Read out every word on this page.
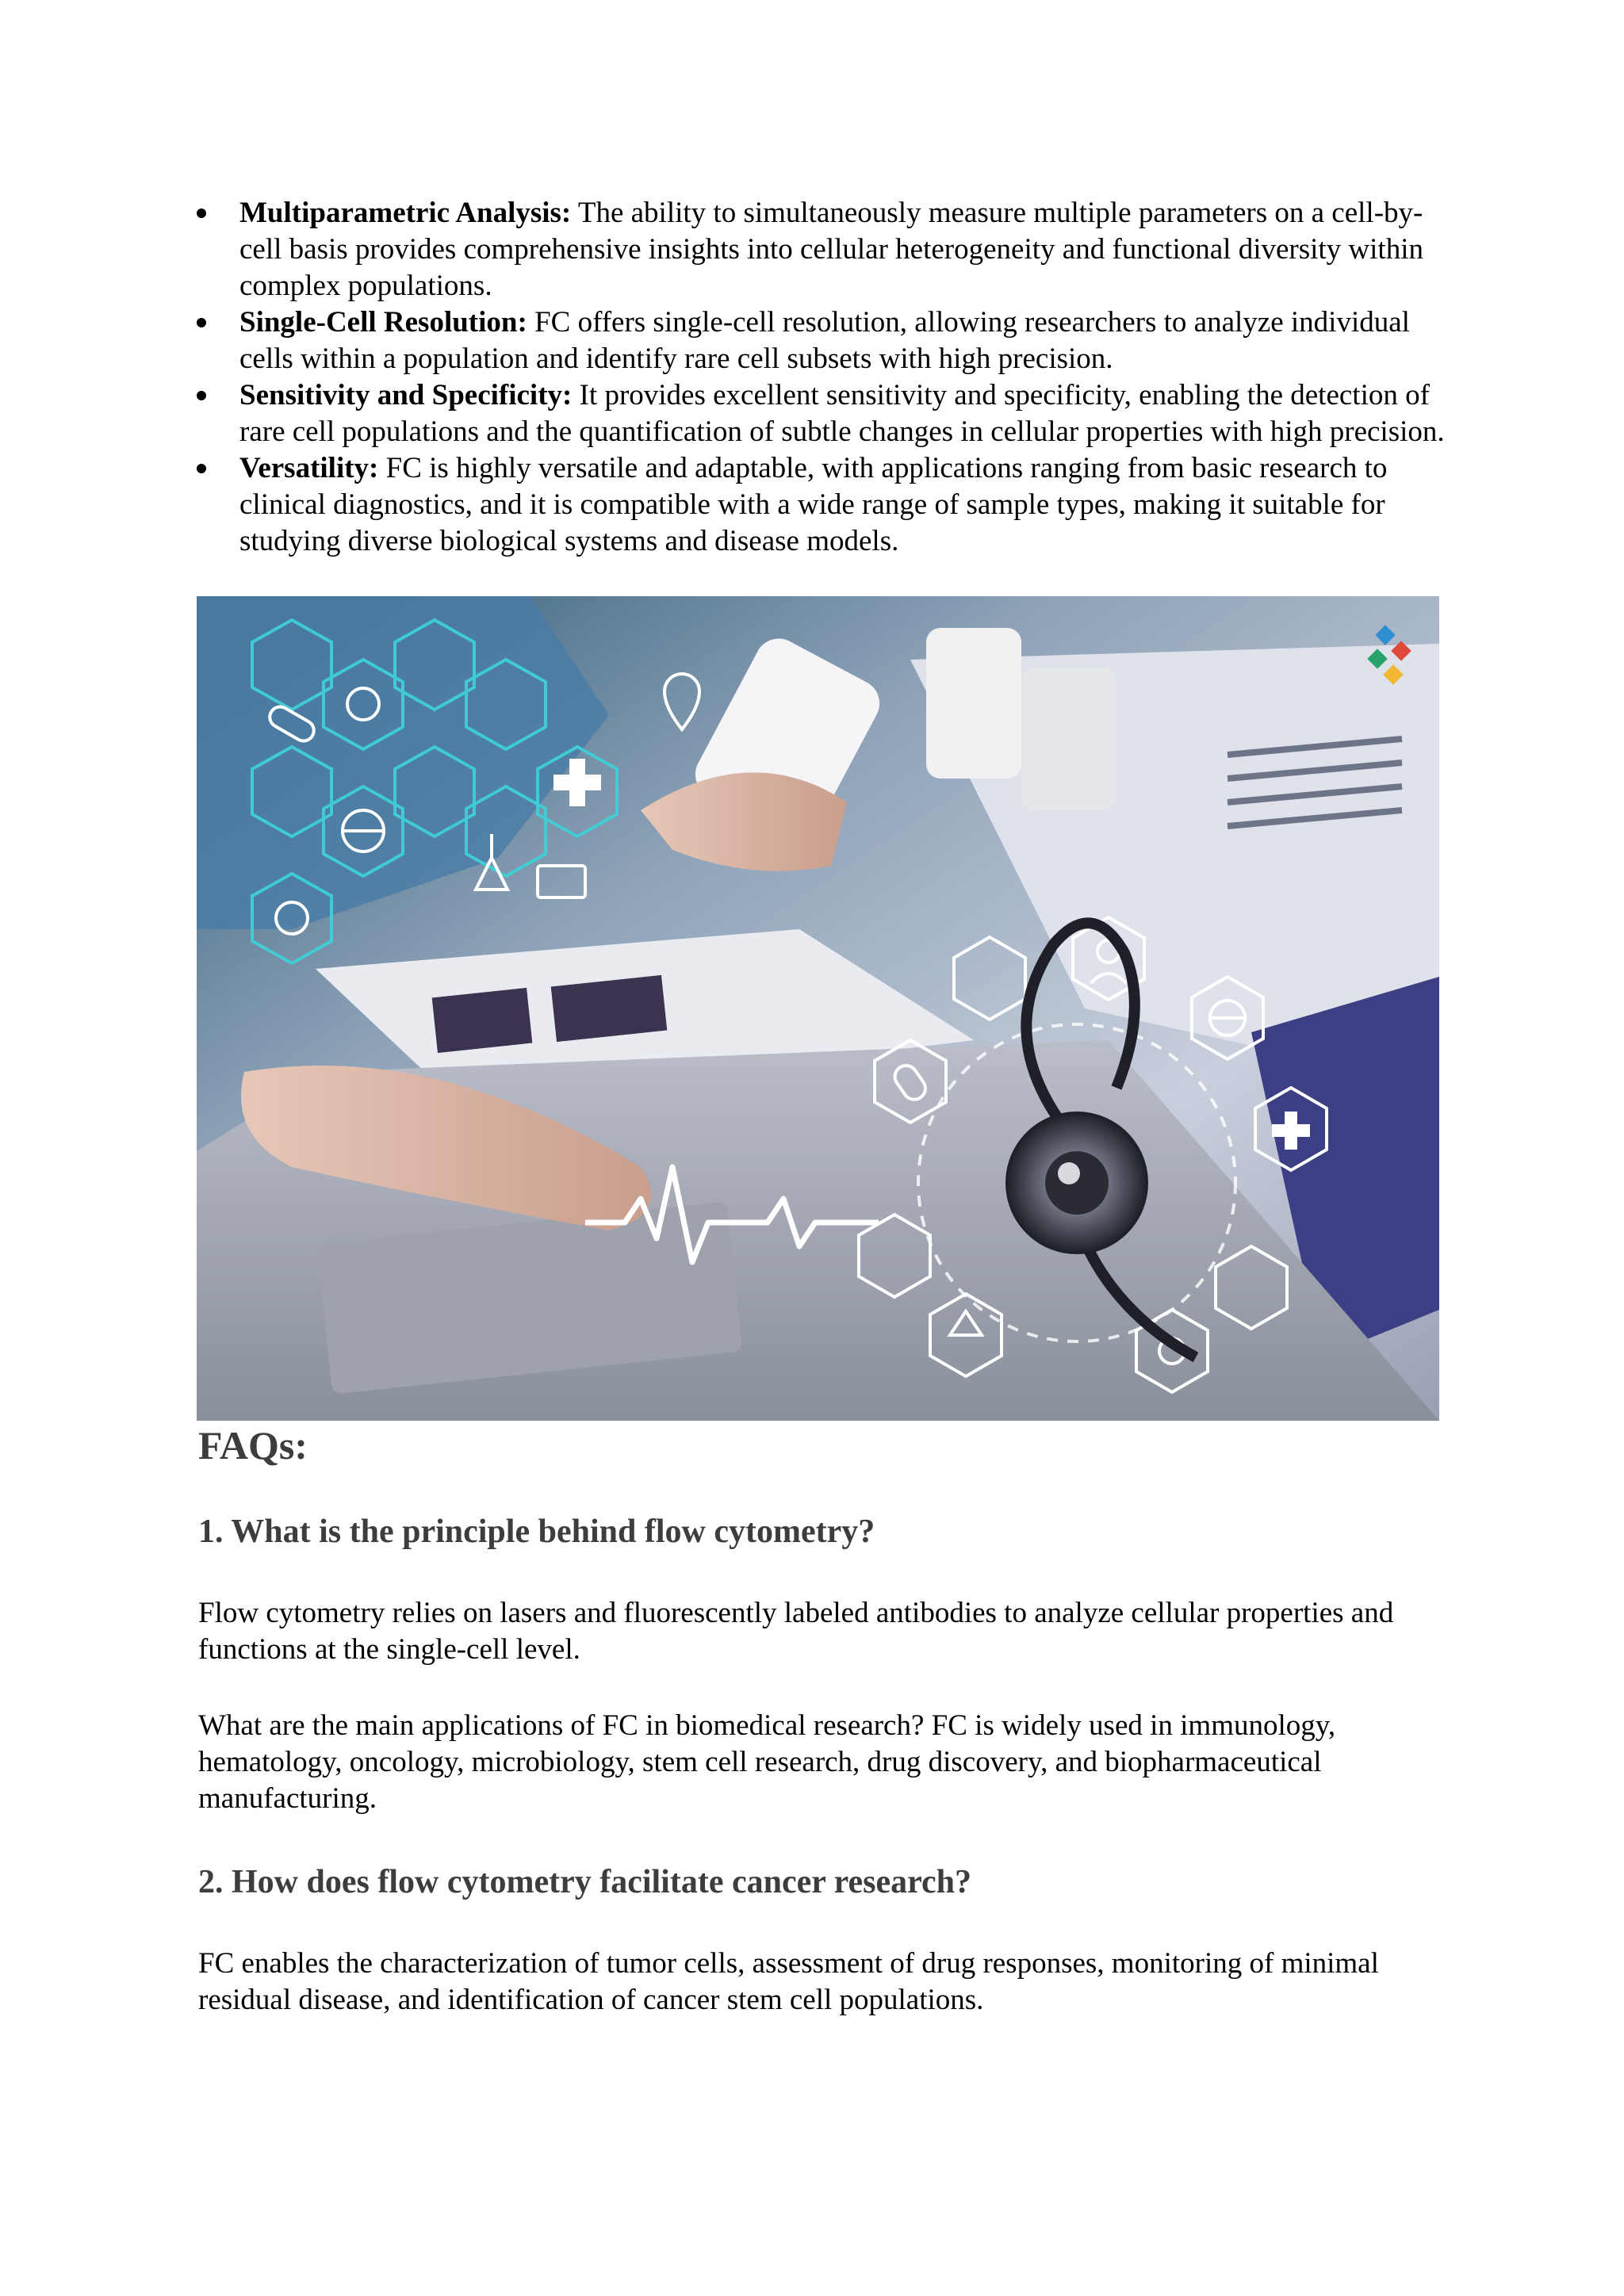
Multiparametric Analysis: The ability to simultaneously measure multiple parameters on a cell-by-cell basis provides comprehensive insights into cellular heterogeneity and functional diversity within complex populations.
Single-Cell Resolution: FC offers single-cell resolution, allowing researchers to analyze individual cells within a population and identify rare cell subsets with high precision.
Sensitivity and Specificity: It provides excellent sensitivity and specificity, enabling the detection of rare cell populations and the quantification of subtle changes in cellular properties with high precision.
Versatility: FC is highly versatile and adaptable, with applications ranging from basic research to clinical diagnostics, and it is compatible with a wide range of sample types, making it suitable for studying diverse biological systems and disease models.
FAQs:
1. What is the principle behind flow cytometry?

Flow cytometry relies on lasers and fluorescently labeled antibodies to analyze cellular properties and functions at the single-cell level.

What are the main applications of FC in biomedical research? FC is widely used in immunology, hematology, oncology, microbiology, stem cell research, drug discovery, and biopharmaceutical manufacturing.

2. How does flow cytometry facilitate cancer research?

FC enables the characterization of tumor cells, assessment of drug responses, monitoring of minimal residual disease, and identification of cancer stem cell populations.
